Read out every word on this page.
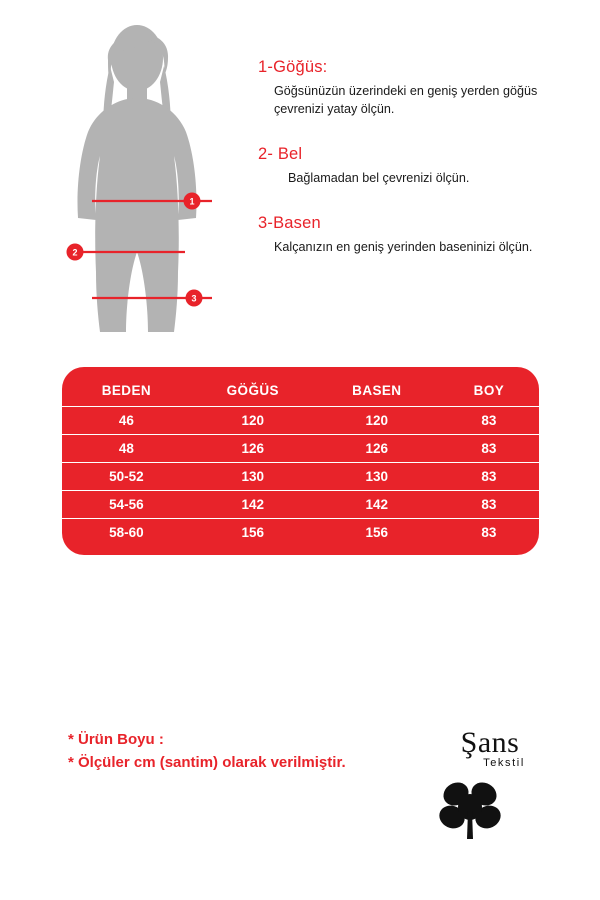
1
2
3

1-Göğüs:

Göğsünüzün üzerindeki en geniş yerden göğüs çevrenizi yatay ölçün.

2- Bel

Bağlamadan bel çevrenizi ölçün.

3-Basen

Kalçanızın en geniş yerinden baseninizi ölçün.

BEDEN	GÖĞÜS	BASEN	BOY
46	120	120	83
48	126	126	83
50-52	130	130	83
54-56	142	142	83
58-60	156	156	83
* Ürün Boyu :
* Ölçüler cm (santim) olarak verilmiştir.
Şans
Tekstil
